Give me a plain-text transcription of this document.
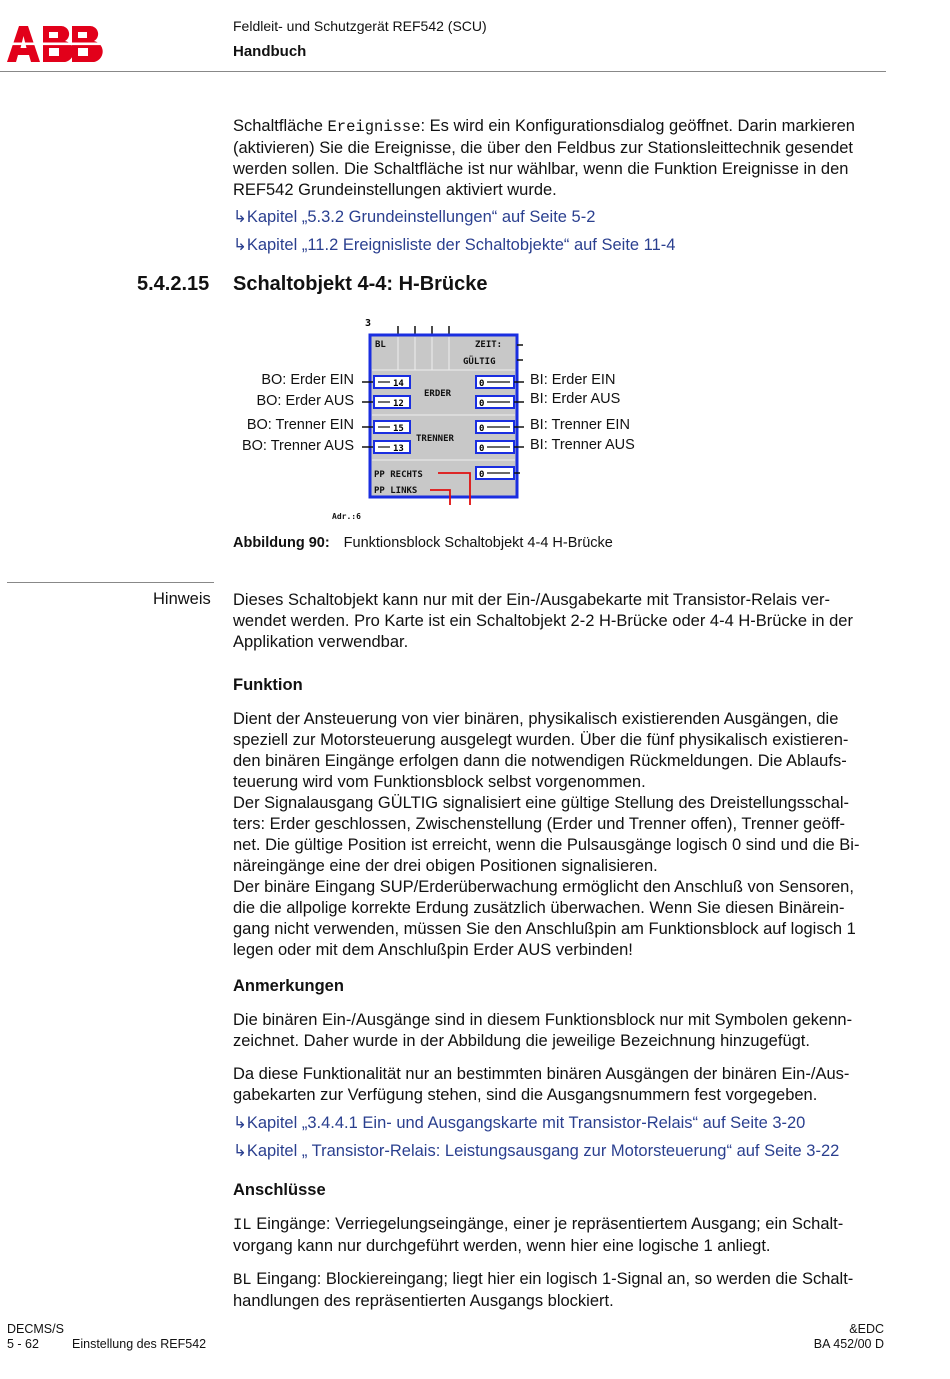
Feldleit- und Schutzgerät REF542 (SCU)
Handbuch
Schaltfläche Ereignisse: Es wird ein Konfigurationsdialog geöffnet. Darin markieren
(aktivieren) Sie die Ereignisse, die über den Feldbus zur Stationsleittechnik gesendet
werden sollen. Die Schaltfläche ist nur wählbar, wenn die Funktion Ereignisse in den
REF542 Grundeinstellungen aktiviert wurde.
↳Kapitel „5.3.2 Grundeinstellungen“ auf Seite 5-2
↳Kapitel „11.2 Ereignisliste der Schaltobjekte“ auf Seite 11-4
5.4.2.15 Schaltobjekt 4-4: H-Brücke
BO: Erder EIN
BO: Erder AUS
BO: Trenner EIN
BO: Trenner AUS
BI: Erder EIN
BI: Erder AUS
BI: Trenner EIN
BI: Trenner AUS
3
BL	ZEIT:
GÜLTIG
ERDER
TRENNER
PP RECHTS
PP LINKS
Adr.:6
14
12
15
13
0
0
0
0
0
Abbildung 90: Funktionsblock Schaltobjekt 4-4 H-Brücke
Hinweis Dieses Schaltobjekt kann nur mit der Ein-/Ausgabekarte mit Transistor-Relais ver-
wendet werden. Pro Karte ist ein Schaltobjekt 2-2 H-Brücke oder 4-4 H-Brücke in der
Applikation verwendbar.
Funktion
Dient der Ansteuerung von vier binären, physikalisch existierenden Ausgängen, die
speziell zur Motorsteuerung ausgelegt wurden. Über die fünf physikalisch existieren-
den binären Eingänge erfolgen dann die notwendigen Rückmeldungen. Die Ablaufs-
teuerung wird vom Funktionsblock selbst vorgenommen.
Der Signalausgang GÜLTIG signalisiert eine gültige Stellung des Dreistellungsschal-
ters: Erder geschlossen, Zwischenstellung (Erder und Trenner offen), Trenner geöff-
net. Die gültige Position ist erreicht, wenn die Pulsausgänge logisch 0 sind und die Bi-
näreingänge eine der drei obigen Positionen signalisieren.
Der binäre Eingang SUP/Erderüberwachung ermöglicht den Anschluß von Sensoren,
die die allpolige korrekte Erdung zusätzlich überwachen. Wenn Sie diesen Binärein-
gang nicht verwenden, müssen Sie den Anschlußpin am Funktionsblock auf logisch 1
legen oder mit dem Anschlußpin Erder AUS verbinden!
Anmerkungen
Die binären Ein-/Ausgänge sind in diesem Funktionsblock nur mit Symbolen gekenn-
zeichnet. Daher wurde in der Abbildung die jeweilige Bezeichnung hinzugefügt.
Da diese Funktionalität nur an bestimmten binären Ausgängen der binären Ein-/Aus-
gabekarten zur Verfügung stehen, sind die Ausgangsnummern fest vorgegeben.
↳Kapitel „3.4.4.1 Ein- und Ausgangskarte mit Transistor-Relais“ auf Seite 3-20
↳Kapitel „ Transistor-Relais: Leistungsausgang zur Motorsteuerung“ auf Seite 3-22
Anschlüsse
IL Eingänge: Verriegelungseingänge, einer je repräsentiertem Ausgang; ein Schalt-
vorgang kann nur durchgeführt werden, wenn hier eine logische 1 anliegt.
BL Eingang: Blockiereingang; liegt hier ein logisch 1-Signal an, so werden die Schalt-
handlungen des repräsentierten Ausgangs blockiert.
DECMS/S
5 - 62	Einstellung des REF542
&EDC
BA 452/00 D
